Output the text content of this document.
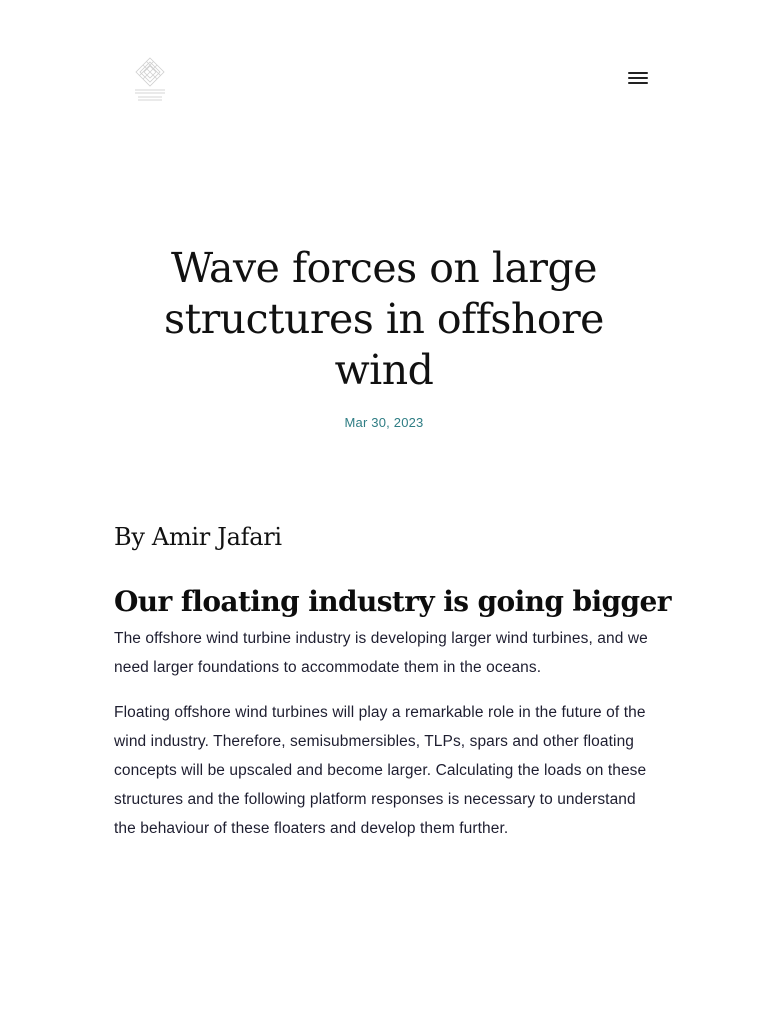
Wave forces on large structures in offshore wind
Mar 30, 2023

By Amir Jafari

Our floating industry is going bigger

The offshore wind turbine industry is developing larger wind turbines, and we need larger foundations to accommodate them in the oceans.

Floating offshore wind turbines will play a remarkable role in the future of the wind industry. Therefore, semisubmersibles, TLPs, spars and other floating concepts will be upscaled and become larger. Calculating the loads on these structures and the following platform responses is necessary to understand the behaviour of these floaters and develop them further.
